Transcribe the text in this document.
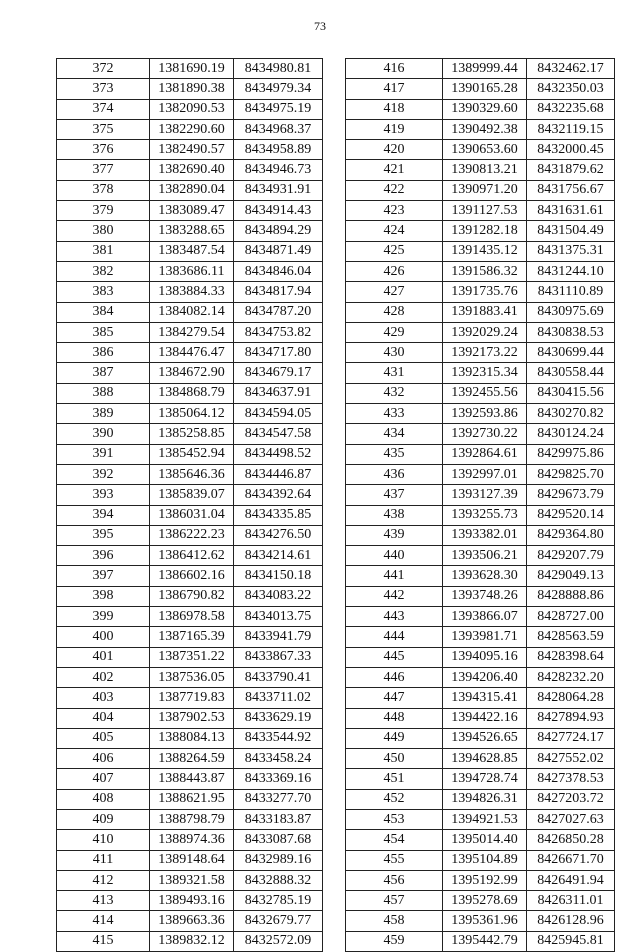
73
372	1381690.19	8434980.81
373	1381890.38	8434979.34
374	1382090.53	8434975.19
375	1382290.60	8434968.37
376	1382490.57	8434958.89
377	1382690.40	8434946.73
378	1382890.04	8434931.91
379	1383089.47	8434914.43
380	1383288.65	8434894.29
381	1383487.54	8434871.49
382	1383686.11	8434846.04
383	1383884.33	8434817.94
384	1384082.14	8434787.20
385	1384279.54	8434753.82
386	1384476.47	8434717.80
387	1384672.90	8434679.17
388	1384868.79	8434637.91
389	1385064.12	8434594.05
390	1385258.85	8434547.58
391	1385452.94	8434498.52
392	1385646.36	8434446.87
393	1385839.07	8434392.64
394	1386031.04	8434335.85
395	1386222.23	8434276.50
396	1386412.62	8434214.61
397	1386602.16	8434150.18
398	1386790.82	8434083.22
399	1386978.58	8434013.75
400	1387165.39	8433941.79
401	1387351.22	8433867.33
402	1387536.05	8433790.41
403	1387719.83	8433711.02
404	1387902.53	8433629.19
405	1388084.13	8433544.92
406	1388264.59	8433458.24
407	1388443.87	8433369.16
408	1388621.95	8433277.70
409	1388798.79	8433183.87
410	1388974.36	8433087.68
411	1389148.64	8432989.16
412	1389321.58	8432888.32
413	1389493.16	8432785.19
414	1389663.36	8432679.77
415	1389832.12	8432572.09
416	1389999.44	8432462.17
417	1390165.28	8432350.03
418	1390329.60	8432235.68
419	1390492.38	8432119.15
420	1390653.60	8432000.45
421	1390813.21	8431879.62
422	1390971.20	8431756.67
423	1391127.53	8431631.61
424	1391282.18	8431504.49
425	1391435.12	8431375.31
426	1391586.32	8431244.10
427	1391735.76	8431110.89
428	1391883.41	8430975.69
429	1392029.24	8430838.53
430	1392173.22	8430699.44
431	1392315.34	8430558.44
432	1392455.56	8430415.56
433	1392593.86	8430270.82
434	1392730.22	8430124.24
435	1392864.61	8429975.86
436	1392997.01	8429825.70
437	1393127.39	8429673.79
438	1393255.73	8429520.14
439	1393382.01	8429364.80
440	1393506.21	8429207.79
441	1393628.30	8429049.13
442	1393748.26	8428888.86
443	1393866.07	8428727.00
444	1393981.71	8428563.59
445	1394095.16	8428398.64
446	1394206.40	8428232.20
447	1394315.41	8428064.28
448	1394422.16	8427894.93
449	1394526.65	8427724.17
450	1394628.85	8427552.02
451	1394728.74	8427378.53
452	1394826.31	8427203.72
453	1394921.53	8427027.63
454	1395014.40	8426850.28
455	1395104.89	8426671.70
456	1395192.99	8426491.94
457	1395278.69	8426311.01
458	1395361.96	8426128.96
459	1395442.79	8425945.81
